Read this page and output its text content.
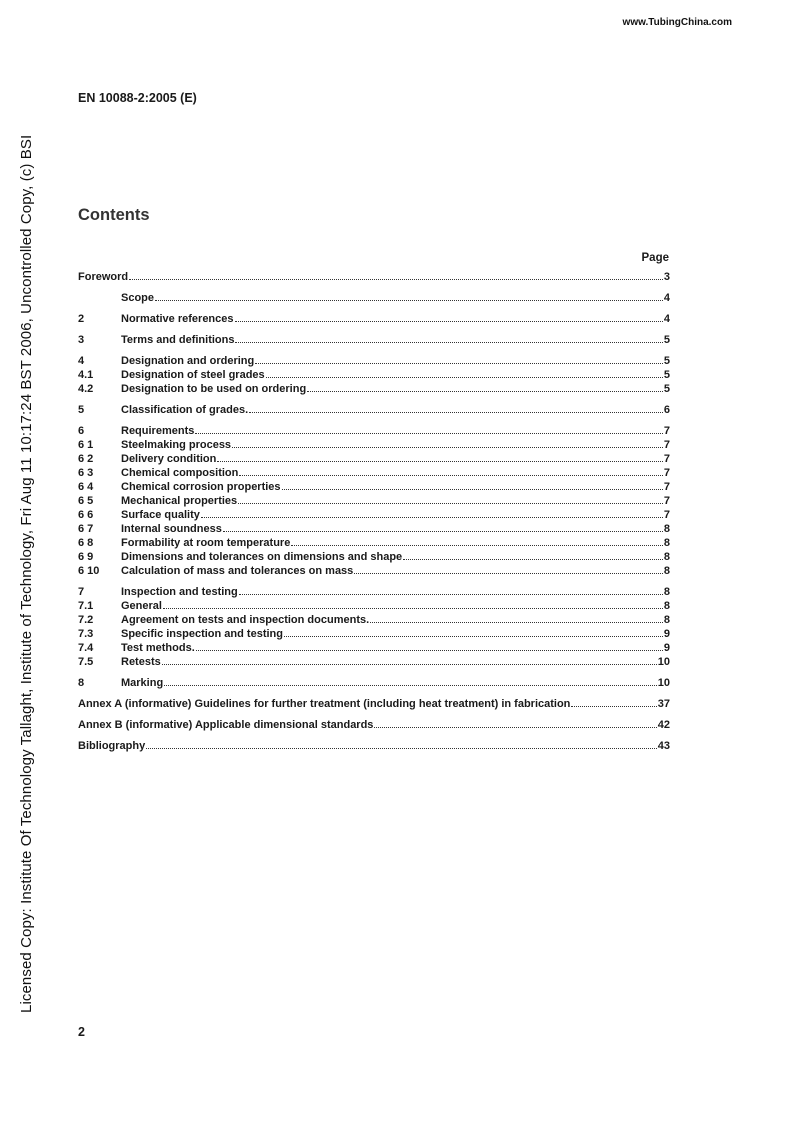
www.TubingChina.com
Licensed Copy: Institute Of Technology Tallaght, Institute of Technology, Fri Aug 11 10:17:24 BST 2006, Uncontrolled Copy, (c) BSI
EN 10088-2:2005 (E)
Contents
Page
Foreword	3
Scope	4
2	Normative references	4
3	Terms and definitions	5
4	Designation and ordering	5
4.1	Designation of steel grades	5
4.2	Designation to be used on ordering	5
5	Classification of grades.	6
6	Requirements	7
6 1	Steelmaking process	7
6 2	Delivery condition	7
6 3	Chemical composition	7
6 4	Chemical corrosion properties	7
6 5	Mechanical properties	7
6 6	Surface quality	7
6 7	Internal soundness	8
6 8	Formability at room temperature	8
6 9	Dimensions and tolerances on dimensions and shape	8
6 10	Calculation of mass and tolerances on mass	8
7	Inspection and testing	8
7.1	General	8
7.2	Agreement on tests and inspection documents.	8
7.3	Specific inspection and testing	9
7.4	Test methods.	9
7.5	Retests	10
8	Marking	10
Annex A (informative) Guidelines for further treatment (including heat treatment) in fabrication	37
Annex B (informative) Applicable dimensional standards	42
Bibliography	43
2
